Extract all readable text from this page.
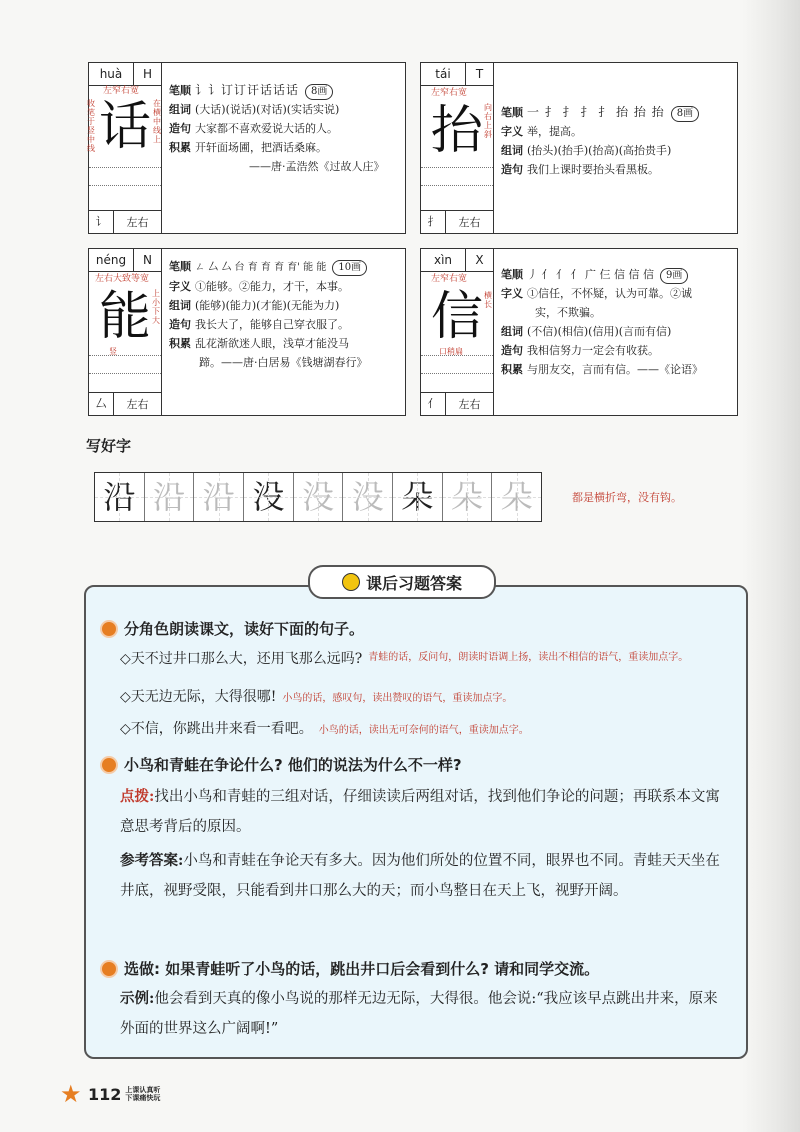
huà	H
左窄右宽
话
收笔于竖中线
在横中线上
讠	左右
笔顺 讠讠订订讦话话话 8画
组词 (大话)(说话)(对话)(实话实说)
造句 大家都不喜欢爱说大话的人。
积累 开轩面场圃，把酒话桑麻。
——唐·孟浩然《过故人庄》
tái	T
左窄右宽
抬 向右上斜
扌	左右
笔顺 一 扌 扌 扌 扌 抬 抬 抬 8画
字义 举，提高。
组词 (抬头)(抬手)(抬高)(高抬贵手)
造句 我们上课时要抬头看黑板。
néng	N
左右大致等宽
能 上小下大
竖
厶	左右
笔顺 ㄥ 厶 厶 台 育 育 育 育' 能 能 10画
字义 ①能够。②能力，才干，本事。
组词 (能够)(能力)(才能)(无能为力)
造句 我长大了，能够自己穿衣服了。
积累 乱花渐欲迷人眼，浅草才能没马
蹄。——唐·白居易《钱塘湖春行》
xìn	X
左窄右宽
信 横长
口稍扁
亻	左右
笔顺 丿 亻 亻 亻 广 仨 信 信 信 9画
字义 ①信任，不怀疑，认为可靠。②诚
实，不欺骗。
组词 (不信)(相信)(信用)(言而有信)
造句 我相信努力一定会有收获。
积累 与朋友交，言而有信。——《论语》
写好字
沿 沿 沿 没 没 没 朵 朵 朵	都是横折弯，没有钩。
课后习题答案
分角色朗读课文，读好下面的句子。
◇天不过井口那么大，还用飞那么远吗? 青蛙的话，反问句，朗读时语调上扬，读出不相信的语气，重读加点字。
◇天无边无际，大得很哪! 小鸟的话，感叹句，读出赞叹的语气，重读加点字。
◇不信，你跳出井来看一看吧。 小鸟的话，读出无可奈何的语气，重读加点字。
小鸟和青蛙在争论什么? 他们的说法为什么不一样?
点拨:找出小鸟和青蛙的三组对话，仔细读读后两组对话，找到他们争论的问题；再联系本文寓意思考背后的原因。
参考答案:小鸟和青蛙在争论天有多大。因为他们所处的位置不同，眼界也不同。青蛙天天坐在井底，视野受限，只能看到井口那么大的天；而小鸟整日在天上飞，视野开阔。
选做: 如果青蛙听了小鸟的话，跳出井口后会看到什么? 请和同学交流。
示例:他会看到天真的像小鸟说的那样无边无际，大得很。他会说:“我应该早点跳出井来，原来外面的世界这么广阔啊!”
★ 112 上课认真听
下课痛快玩
